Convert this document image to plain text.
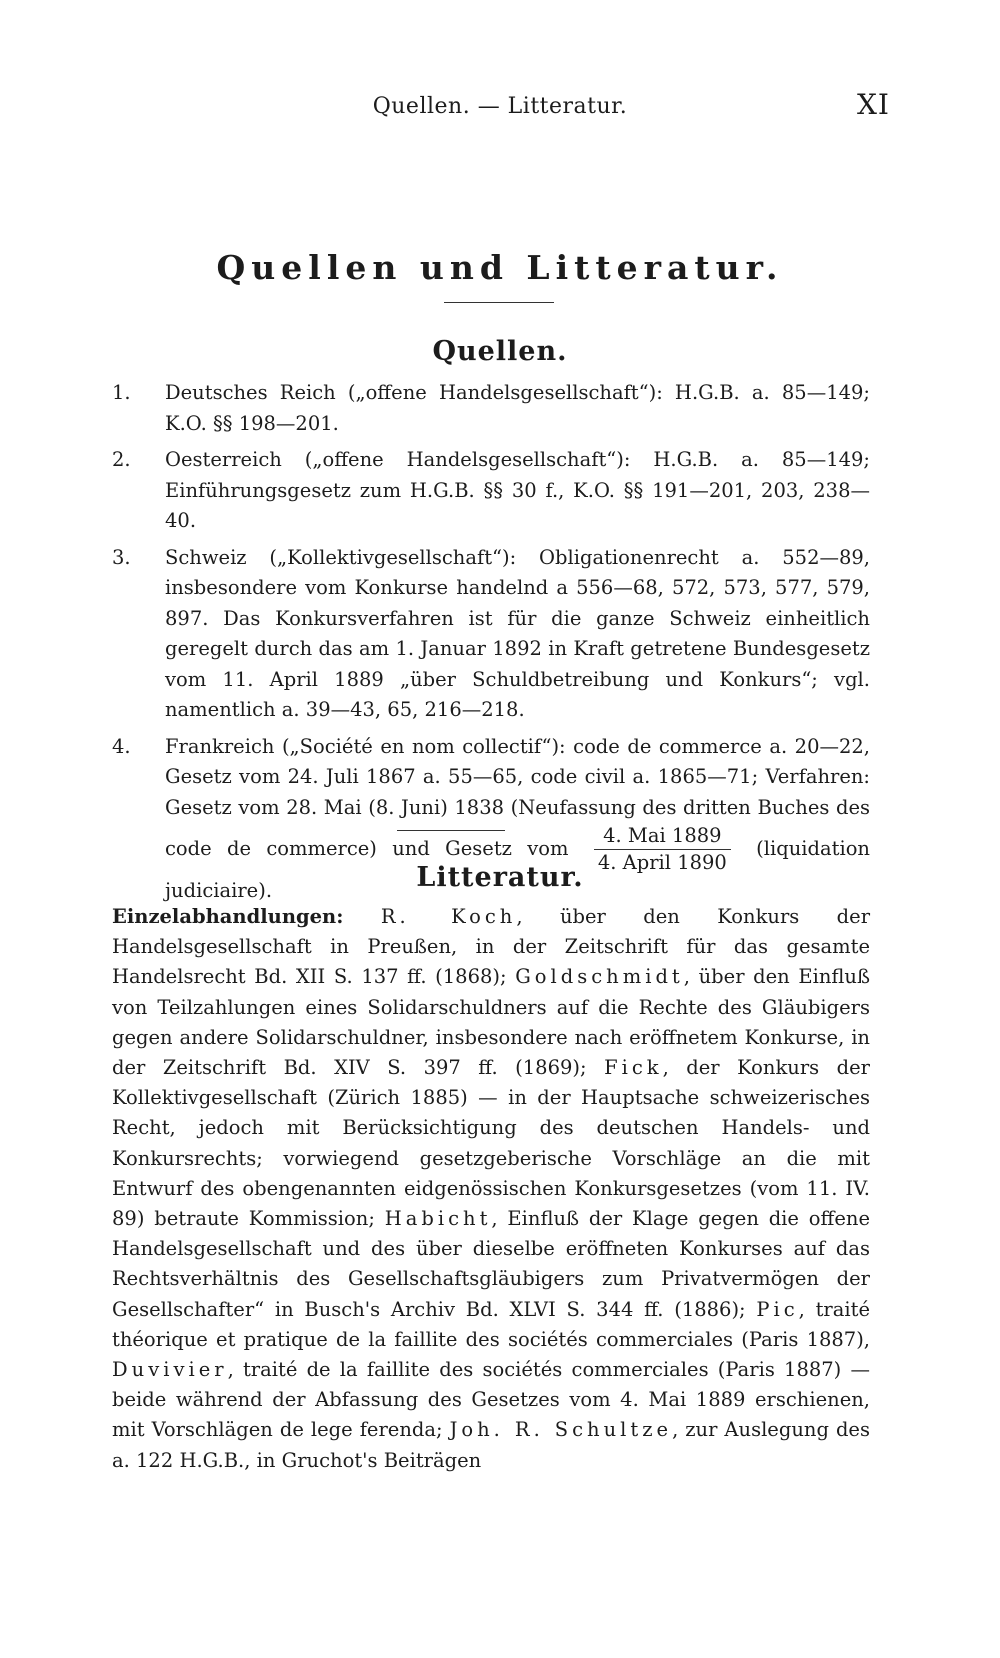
Quellen. — Litteratur.	XI
Quellen und Litteratur.
Quellen.
1.	Deutsches Reich („offene Handelsgesellschaft“): H.G.B. a. 85—149; K.O. §§ 198—201.
2.	Oesterreich („offene Handelsgesellschaft“): H.G.B. a. 85—149; Einführungsgesetz zum H.G.B. §§ 30 f., K.O. §§ 191—201, 203, 238—40.
3.	Schweiz („Kollektivgesellschaft“): Obligationenrecht a. 552—89, insbesondere vom Konkurse handelnd a 556—68, 572, 573, 577, 579, 897. Das Konkursverfahren ist für die ganze Schweiz einheitlich geregelt durch das am 1. Januar 1892 in Kraft getretene Bundesgesetz vom 11. April 1889 „über Schuldbetreibung und Konkurs“; vgl. namentlich a. 39—43, 65, 216—218.
4.	Frankreich („Société en nom collectif“): code de commerce a. 20—22, Gesetz vom 24. Juli 1867 a. 55—65, code civil a. 1865—71; Verfahren: Gesetz vom 28. Mai (8. Juni) 1838 (Neufassung des dritten Buches des code de commerce) und Gesetz vom $\frac{\text{4. Mai 1889}}{\text{4. April 1890}}$ (liquidation judiciaire).	Litteratur.

Einzelabhandlungen: R. Koch, über den Konkurs der Handelsgesellschaft in Preußen, in der Zeitschrift für das gesamte Handelsrecht Bd. XII S. 137 ff. (1868); Goldschmidt, über den Einfluß von Teilzahlungen eines Solidarschuldners auf die Rechte des Gläubigers gegen andere Solidarschuldner, insbesondere nach eröffnetem Konkurse, in der Zeitschrift Bd. XIV S. 397 ff. (1869); Fick, der Konkurs der Kollektivgesellschaft (Zürich 1885) — in der Hauptsache schweizerisches Recht, jedoch mit Berücksichtigung des deutschen Handels- und Konkursrechts; vorwiegend gesetzgeberische Vorschläge an die mit Entwurf des obengenannten eidgenössischen Konkursgesetzes (vom 11. IV. 89) betraute Kommission; Habicht, Einfluß der Klage gegen die offene Handelsgesellschaft und des über dieselbe eröffneten Konkurses auf das Rechtsverhältnis des Gesellschaftsgläubigers zum Privatvermögen der Gesellschafter“ in Busch's Archiv Bd. XLVI S. 344 ff. (1886); Pic, traité théorique et pratique de la faillite des sociétés commerciales (Paris 1887), Duvivier, traité de la faillite des sociétés commerciales (Paris 1887) — beide während der Abfassung des Gesetzes vom 4. Mai 1889 erschienen, mit Vorschlägen de lege ferenda; Joh. R. Schultze, zur Auslegung des a. 122 H.G.B., in Gruchot's Beiträgen
